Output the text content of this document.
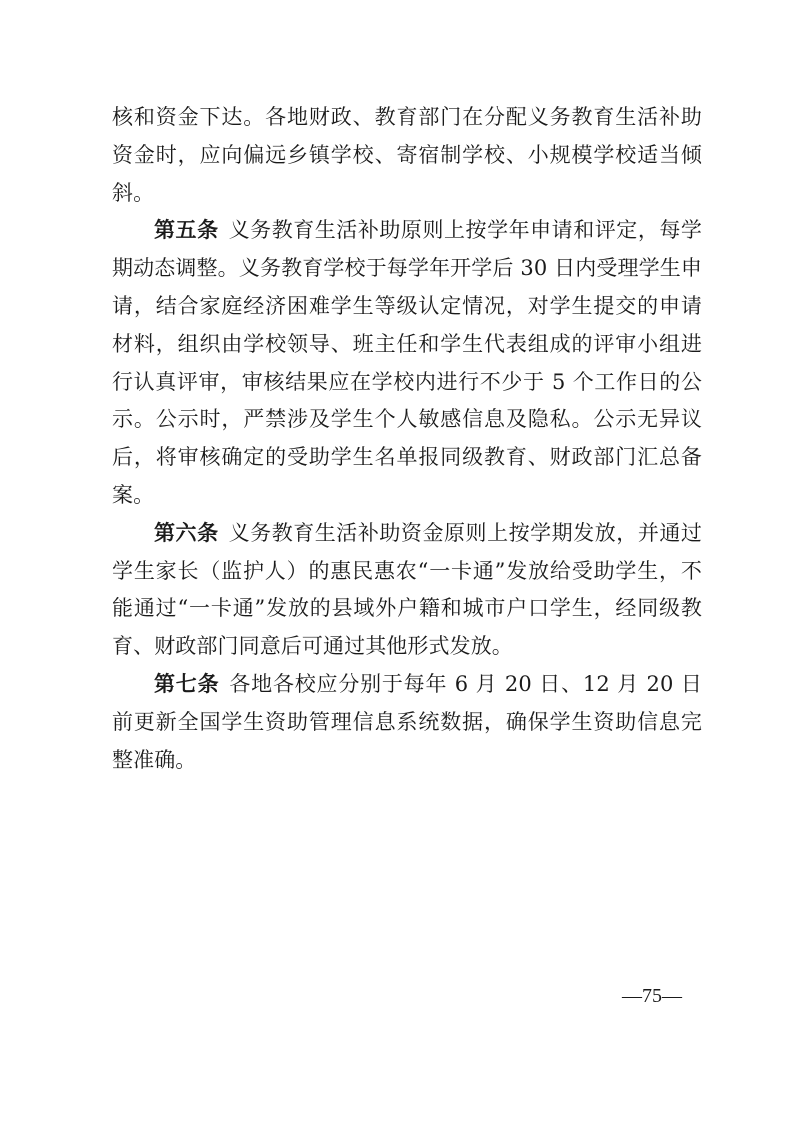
核和资金下达。各地财政、教育部门在分配义务教育生活补助资金时，应向偏远乡镇学校、寄宿制学校、小规模学校适当倾斜。

第五条 义务教育生活补助原则上按学年申请和评定，每学期动态调整。义务教育学校于每学年开学后 30 日内受理学生申请，结合家庭经济困难学生等级认定情况，对学生提交的申请材料，组织由学校领导、班主任和学生代表组成的评审小组进行认真评审，审核结果应在学校内进行不少于 5 个工作日的公示。公示时，严禁涉及学生个人敏感信息及隐私。公示无异议后，将审核确定的受助学生名单报同级教育、财政部门汇总备案。

第六条 义务教育生活补助资金原则上按学期发放，并通过学生家长（监护人）的惠民惠农“一卡通”发放给受助学生，不能通过“一卡通”发放的县域外户籍和城市户口学生，经同级教育、财政部门同意后可通过其他形式发放。

第七条 各地各校应分别于每年 6 月 20 日、12 月 20 日前更新全国学生资助管理信息系统数据，确保学生资助信息完整准确。

—75—
